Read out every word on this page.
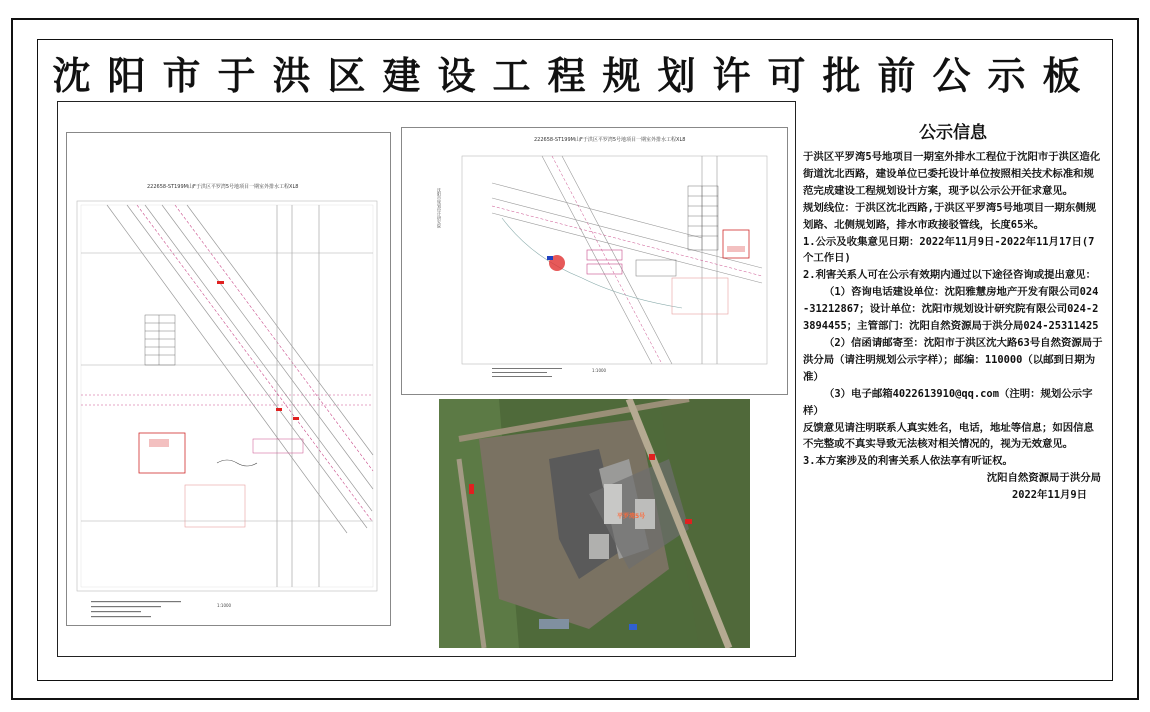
沈阳市于洪区建设工程规划许可批前公示板
222658-ST199M山F于洪区平罗湾5号地项目一期室外排水工程XL8
1:1000
222658-ST199M山F于洪区平罗湾5号地项目一期室外排水工程XL8
沈阳市规划设计研究院
1:1000
平罗湾5号
公示信息

于洪区平罗湾5号地项目一期室外排水工程位于沈阳市于洪区造化街道沈北西路，建设单位已委托设计单位按照相关技术标准和规范完成建设工程规划设计方案，现予以公示公开征求意见。

规划线位：于洪区沈北西路,于洪区平罗湾5号地项目一期东侧规划路、北侧规划路，排水市政接驳管线，长度65米。

1.公示及收集意见日期：2022年11月9日-2022年11月17日(7个工作日)

2.利害关系人可在公示有效期内通过以下途径咨询或提出意见：

（1）咨询电话建设单位：沈阳雅慧房地产开发有限公司024-31212867；设计单位：沈阳市规划设计研究院有限公司024-23894455；主管部门：沈阳自然资源局于洪分局024-25311425

（2）信函请邮寄至：沈阳市于洪区沈大路63号自然资源局于洪分局（请注明规划公示字样）；邮编：110000（以邮到日期为准）

（3）电子邮箱4022613910@qq.com（注明：规划公示字样）

反馈意见请注明联系人真实姓名，电话，地址等信息；如因信息不完整或不真实导致无法核对相关情况的，视为无效意见。

3.本方案涉及的利害关系人依法享有听证权。

沈阳自然资源局于洪分局

2022年11月9日
